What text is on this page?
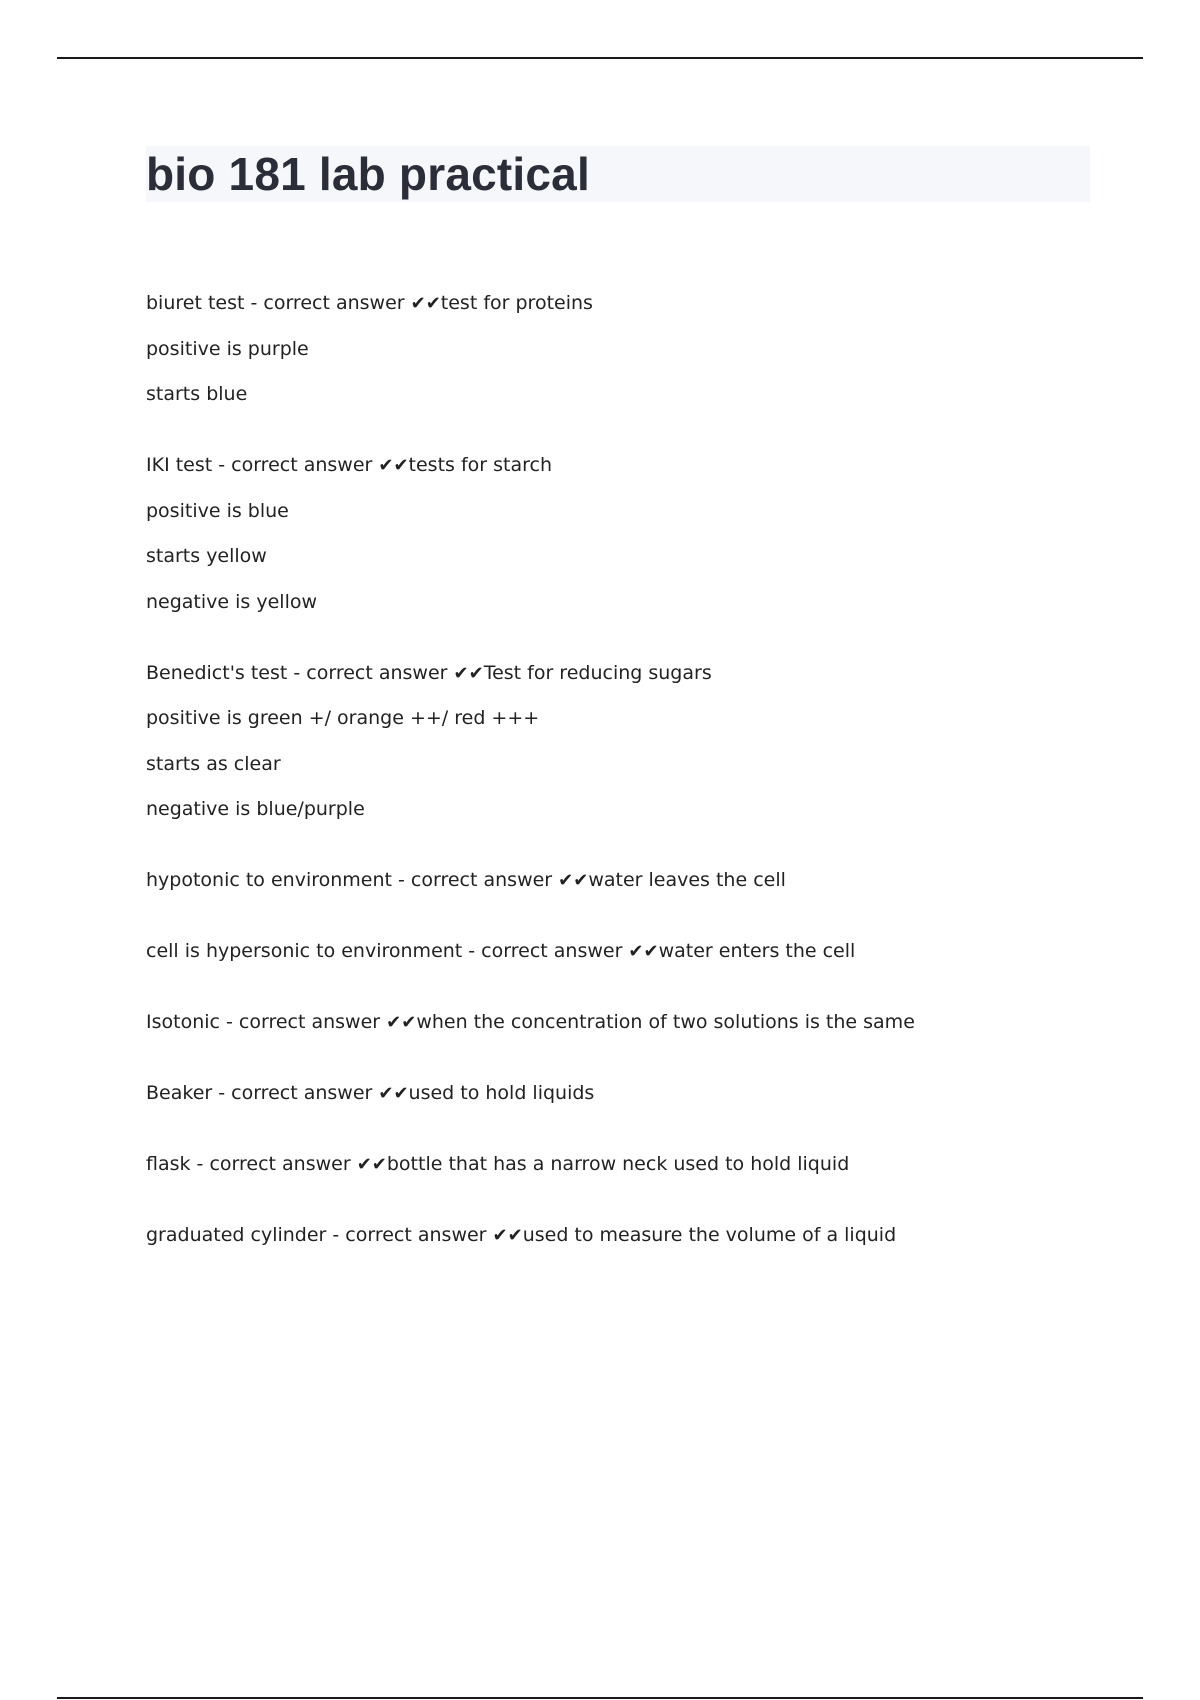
bio 181 lab practical
biuret test - correct answer ✔✔test for proteins
positive is purple
starts blue
IKI test - correct answer ✔✔tests for starch
positive is blue
starts yellow
negative is yellow
Benedict's test - correct answer ✔✔Test for reducing sugars
positive is green +/ orange ++/ red +++
starts as clear
negative is blue/purple
hypotonic to environment - correct answer ✔✔water leaves the cell
cell is hypersonic to environment - correct answer ✔✔water enters the cell
Isotonic - correct answer ✔✔when the concentration of two solutions is the same
Beaker - correct answer ✔✔used to hold liquids
flask - correct answer ✔✔bottle that has a narrow neck used to hold liquid
graduated cylinder - correct answer ✔✔used to measure the volume of a liquid
